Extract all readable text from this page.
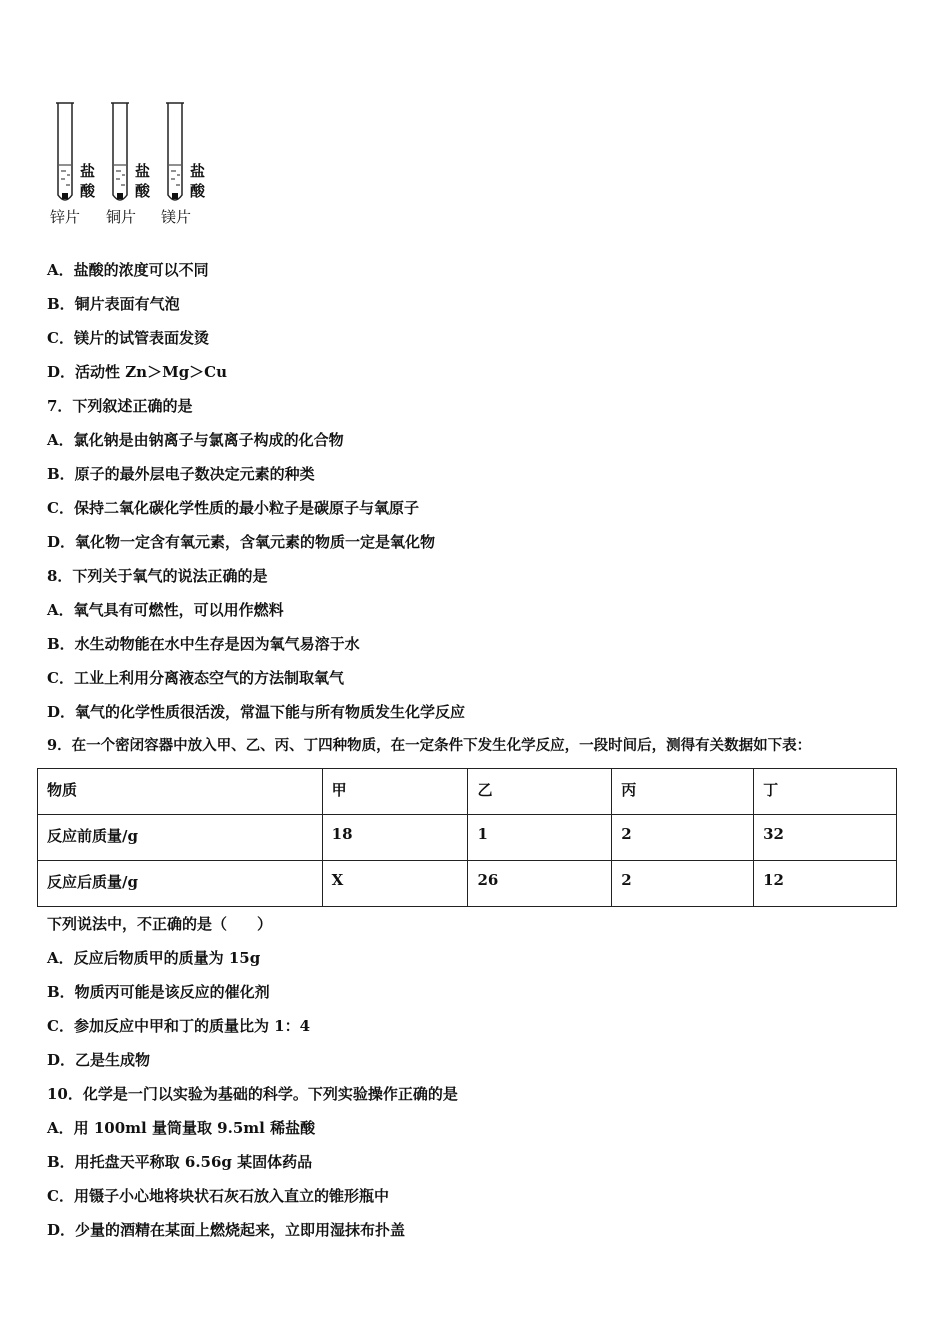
盐
酸
盐
酸
盐
酸
锌片 铜片 镁片
A．盐酸的浓度可以不同
B．铜片表面有气泡
C．镁片的试管表面发烫
D．活动性 Zn＞Mg＞Cu
7．下列叙述正确的是
A．氯化钠是由钠离子与氯离子构成的化合物
B．原子的最外层电子数决定元素的种类
C．保持二氧化碳化学性质的最小粒子是碳原子与氧原子
D．氧化物一定含有氧元素，含氧元素的物质一定是氧化物
8．下列关于氧气的说法正确的是
A．氧气具有可燃性，可以用作燃料
B．水生动物能在水中生存是因为氧气易溶于水
C．工业上利用分离液态空气的方法制取氧气
D．氧气的化学性质很活泼，常温下能与所有物质发生化学反应
9．在一个密闭容器中放入甲、乙、丙、丁四种物质，在一定条件下发生化学反应，一段时间后，测得有关数据如下表：
物质	甲	乙	丙	丁
反应前质量/g	18	1	2	32
反应后质量/g	X	26	2	12
下列说法中，不正确的是（　　）
A．反应后物质甲的质量为 15g
B．物质丙可能是该反应的催化剂
C．参加反应中甲和丁的质量比为 1：4
D．乙是生成物
10．化学是一门以实验为基础的科学。下列实验操作正确的是
A．用 100ml 量筒量取 9.5ml 稀盐酸
B．用托盘天平称取 6.56g 某固体药品
C．用镊子小心地将块状石灰石放入直立的锥形瓶中
D．少量的酒精在某面上燃烧起来，立即用湿抹布扑盖
